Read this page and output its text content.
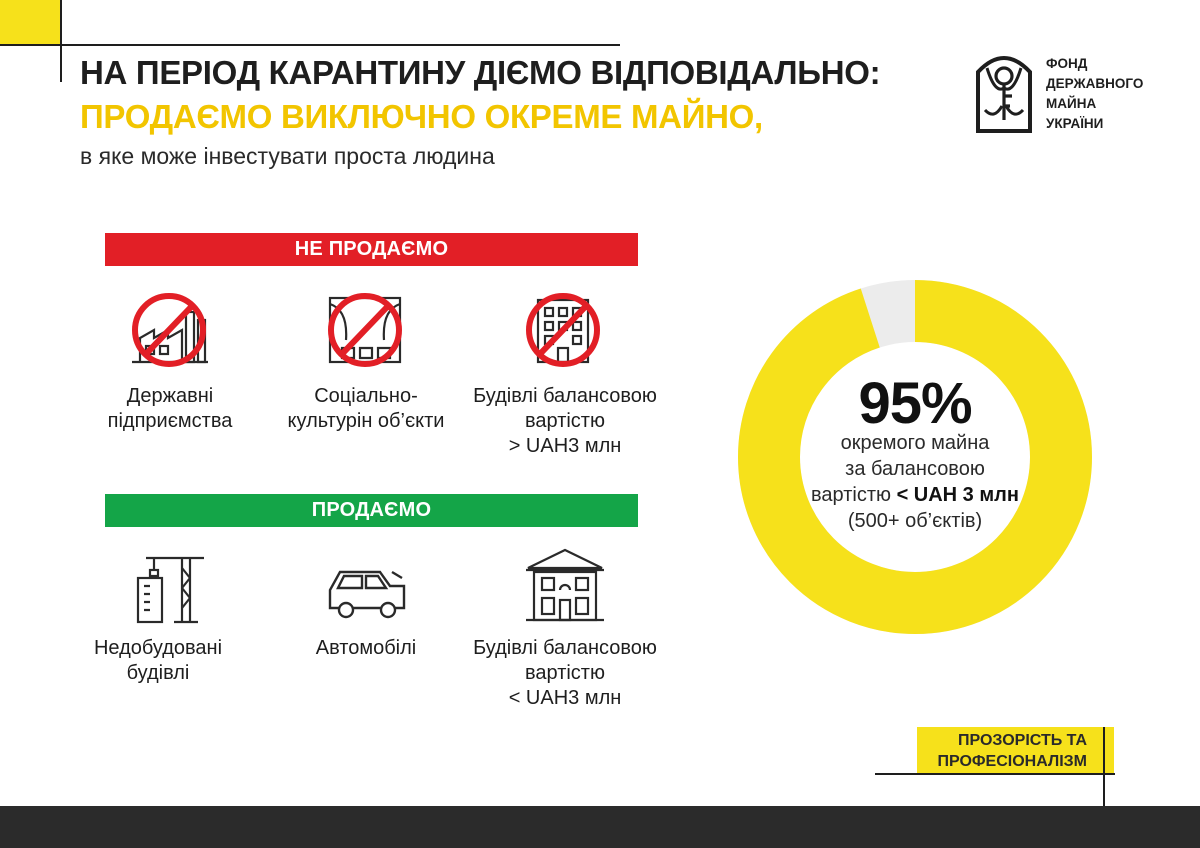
НА ПЕРІОД КАРАНТИНУ ДІЄМО ВІДПОВІДАЛЬНО:
ПРОДАЄМО ВИКЛЮЧНО ОКРЕМЕ МАЙНО,
в яке може інвестувати проста людина
ФОНД
ДЕРЖАВНОГО
МАЙНА
УКРАЇНИ
НЕ ПРОДАЄМО
Державні
підприємства
Соціально-
культурін об’єкти
Будівлі балансовою
вартістю
> UAH3 млн
ПРОДАЄМО
Недобудовані
будівлі
Автомобілі	Будівлі балансовою
вартістю
< UAH3 млн
95%
окремого майна
за балансовою
вартістю < UAH 3 млн
(500+ об’єктів)
ПРОЗОРІСТЬ ТА
ПРОФЕСІОНАЛІЗМ
